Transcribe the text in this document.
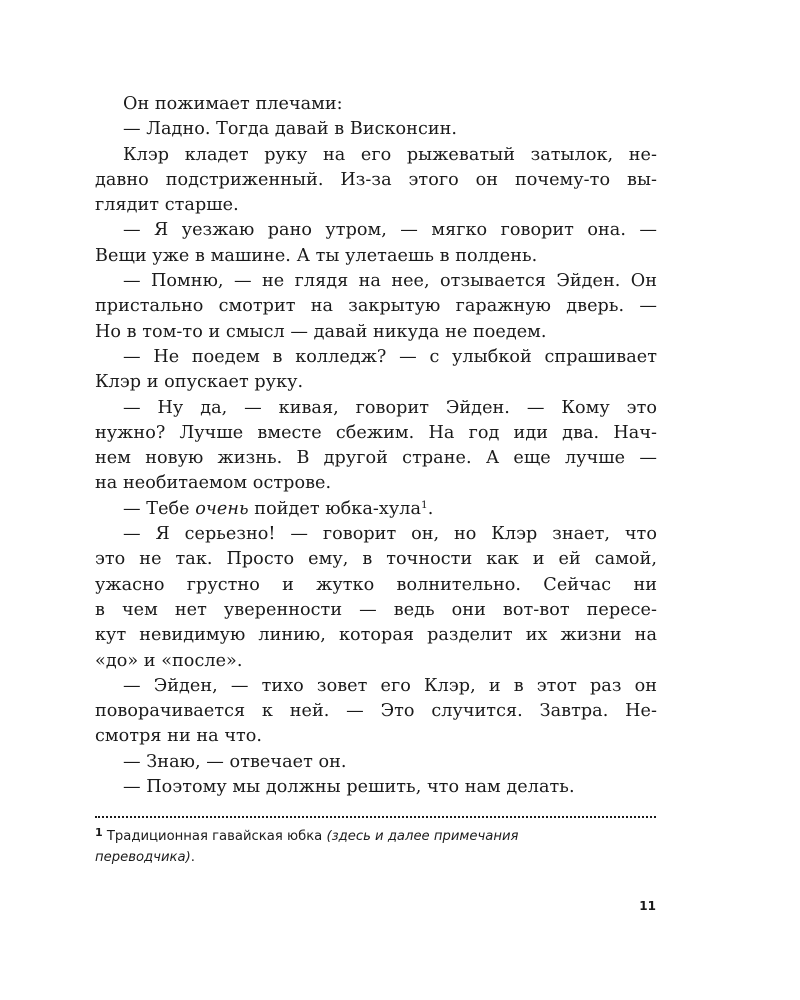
Он пожимает плечами:
— Ладно. Тогда давай в Висконсин.
Клэр кладет руку на его рыжеватый затылок, не-
давно подстриженный. Из-за этого он почему-то вы-
глядит старше.
— Я уезжаю рано утром, — мягко говорит она. —
Вещи уже в машине. А ты улетаешь в полдень.
— Помню, — не глядя на нее, отзывается Эйден. Он
пристально смотрит на закрытую гаражную дверь. —
Но в том-то и смысл — давай никуда не поедем.
— Не поедем в колледж? — с улыбкой спрашивает
Клэр и опускает руку.
— Ну да, — кивая, говорит Эйден. — Кому это
нужно? Лучше вместе сбежим. На год иди два. Нач-
нем новую жизнь. В другой стране. А еще лучше —
на необитаемом острове.
— Тебе очень пойдет юбка-хула$^1$.
— Я серьезно! — говорит он, но Клэр знает, что
это не так. Просто ему, в точности как и ей самой,
ужасно грустно и жутко волнительно. Сейчас ни
в чем нет уверенности — ведь они вот-вот пересе-
кут невидимую линию, которая разделит их жизни на
«до» и «после».
— Эйден, — тихо зовет его Клэр, и в этот раз он
поворачивается к ней. — Это случится. Завтра. Не-
смотря ни на что.
— Знаю, — отвечает он.
— Поэтому мы должны решить, что нам делать.
$^1$ Традиционная гавайская юбка (здесь и далее примечания
переводчика).
11
